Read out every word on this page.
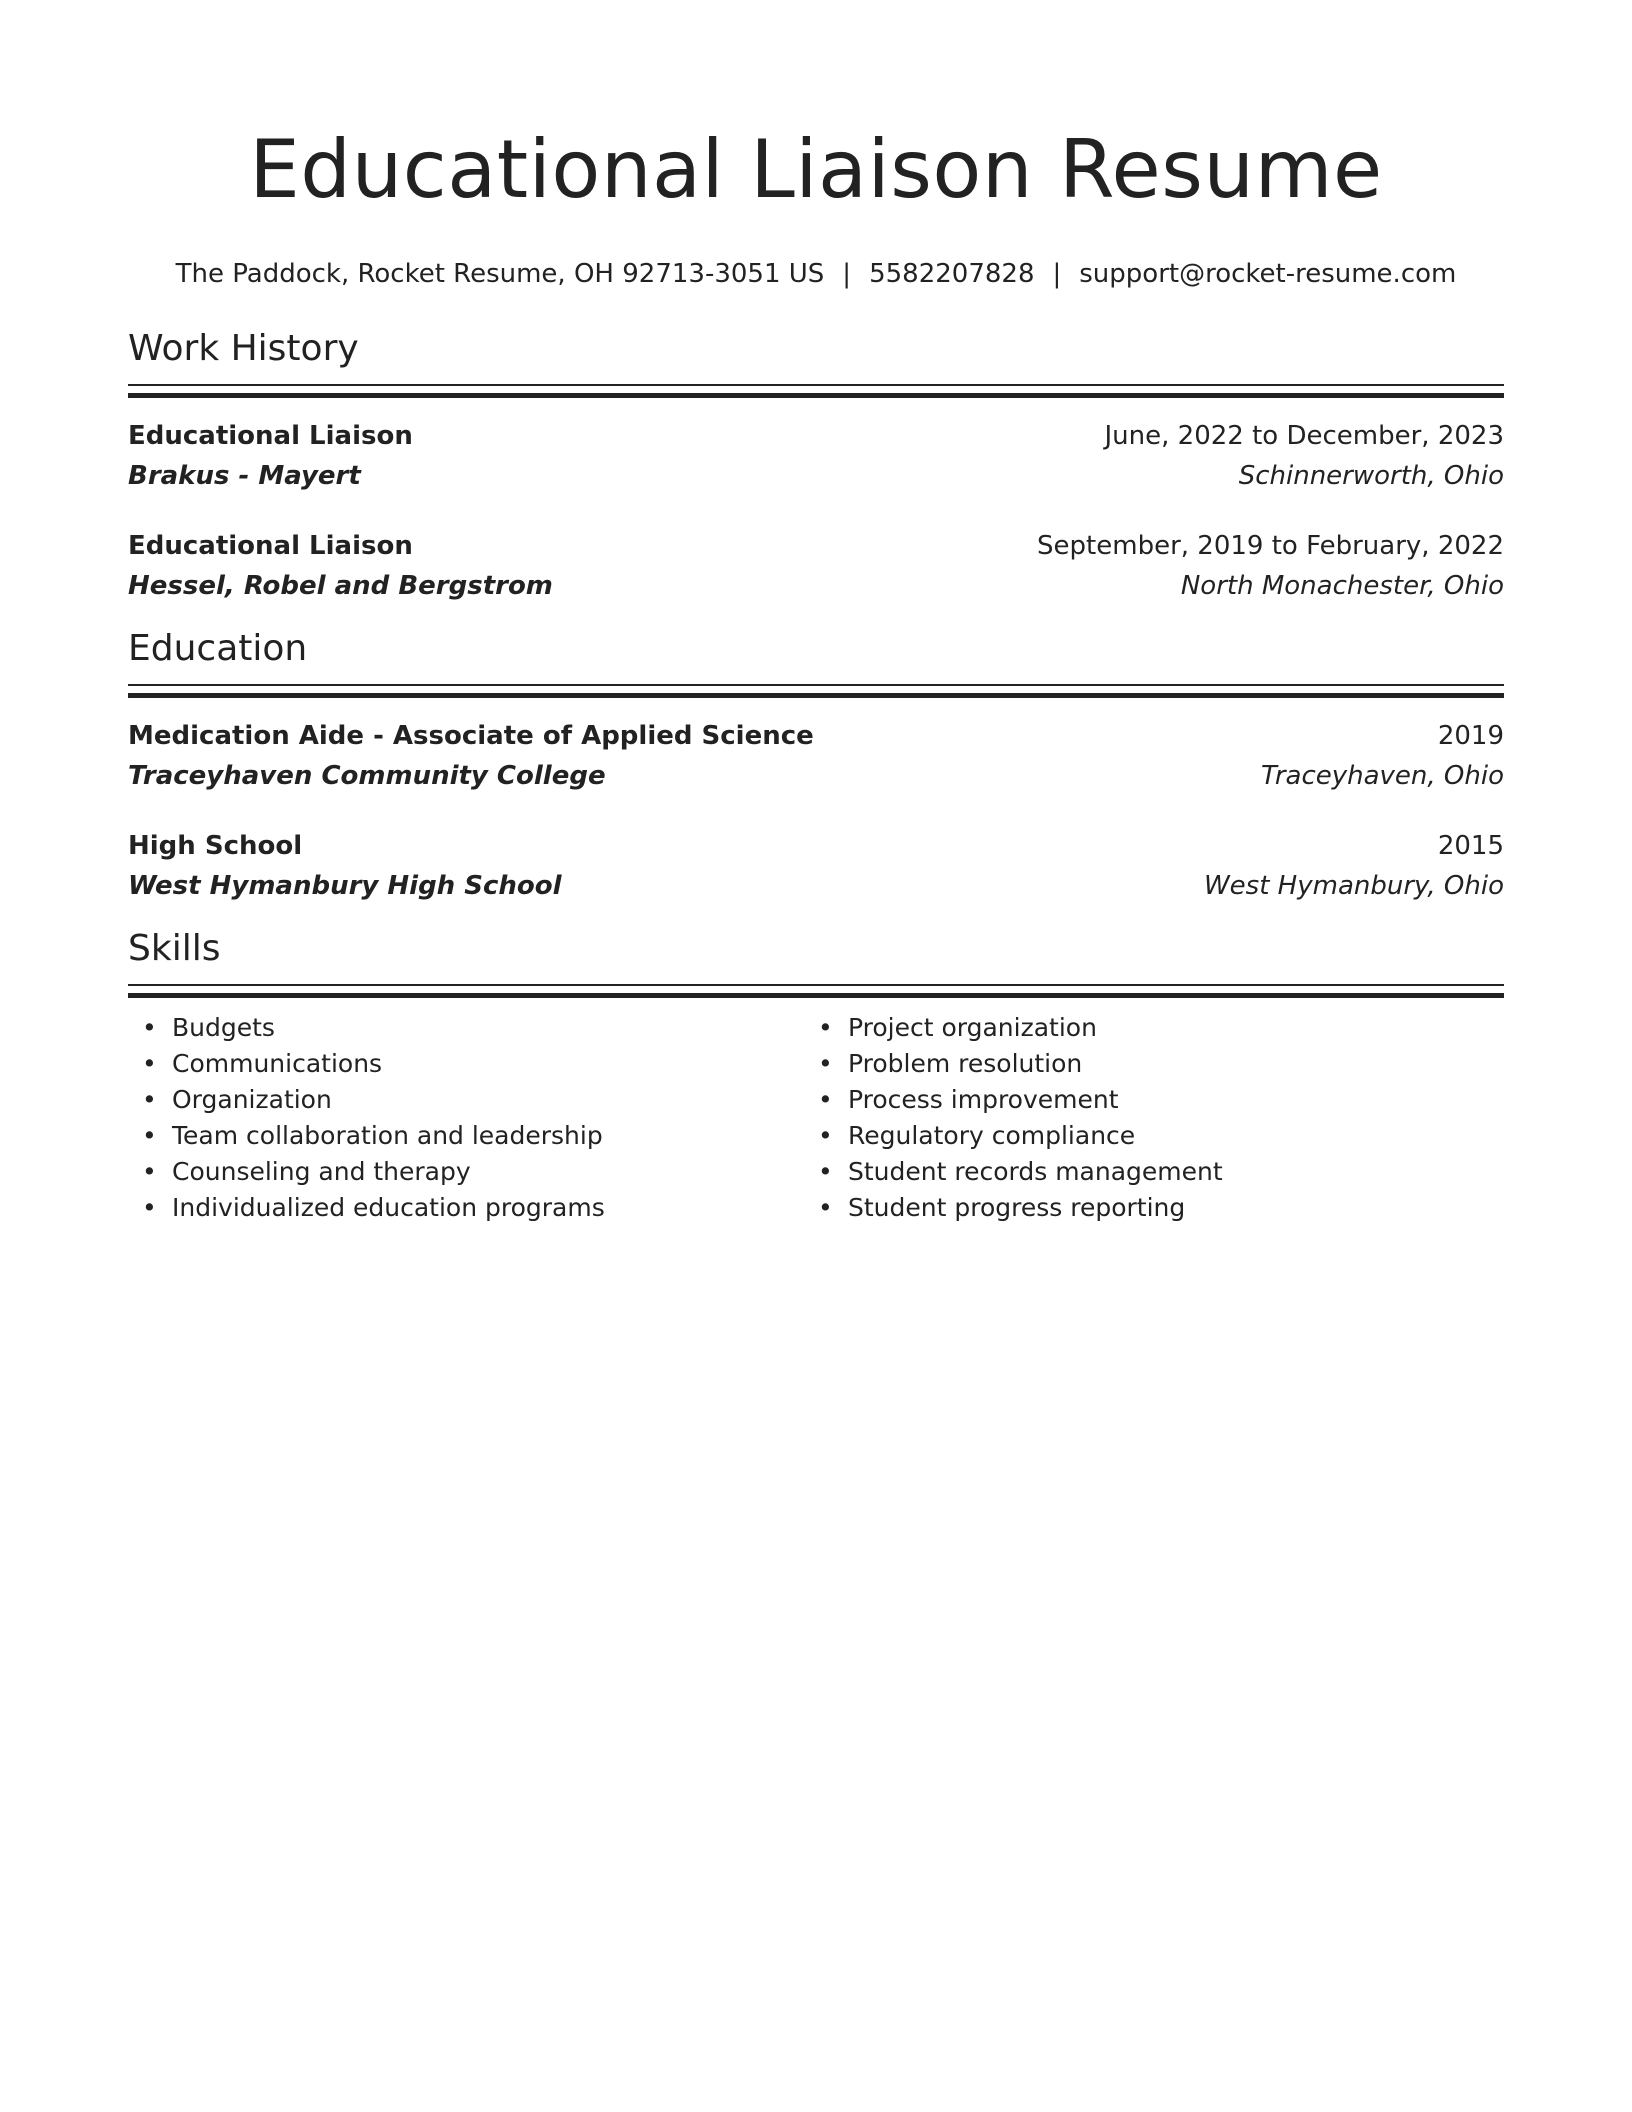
Educational Liaison Resume
The Paddock, Rocket Resume, OH 92713-3051 US | 5582207828 | support@rocket-resume.com
Work History
Educational Liaison	June, 2022 to December, 2023
Brakus - Mayert	Schinnerworth, Ohio
Educational Liaison	September, 2019 to February, 2022
Hessel, Robel and Bergstrom	North Monachester, Ohio
Education
Medication Aide - Associate of Applied Science	2019
Traceyhaven Community College	Traceyhaven, Ohio
High School	2015
West Hymanbury High School	West Hymanbury, Ohio
Skills
• Budgets
• Communications
• Organization
• Team collaboration and leadership
• Counseling and therapy
• Individualized education programs
• Project organization
• Problem resolution
• Process improvement
• Regulatory compliance
• Student records management
• Student progress reporting
